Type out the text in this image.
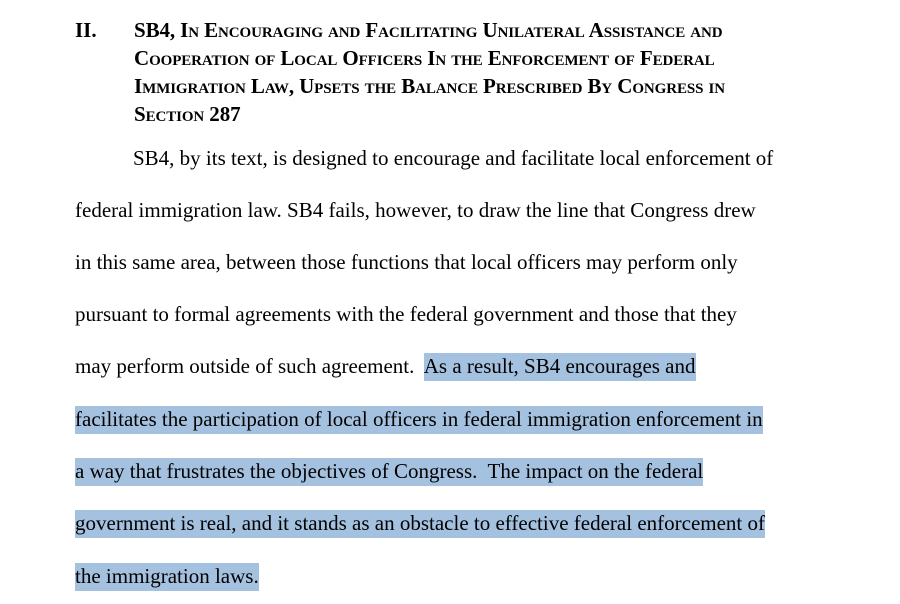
II. SB4, In Encouraging and Facilitating Unilateral Assistance and
Cooperation of Local Officers In the Enforcement of Federal
Immigration Law, Upsets the Balance Prescribed By Congress in
Section 287
SB4, by its text, is designed to encourage and facilitate local enforcement of
federal immigration law. SB4 fails, however, to draw the line that Congress drew
in this same area, between those functions that local officers may perform only
pursuant to formal agreements with the federal government and those that they
may perform outside of such agreement.  As a result, SB4 encourages and
facilitates the participation of local officers in federal immigration enforcement in
a way that frustrates the objectives of Congress.  The impact on the federal
government is real, and it stands as an obstacle to effective federal enforcement of
the immigration laws.
